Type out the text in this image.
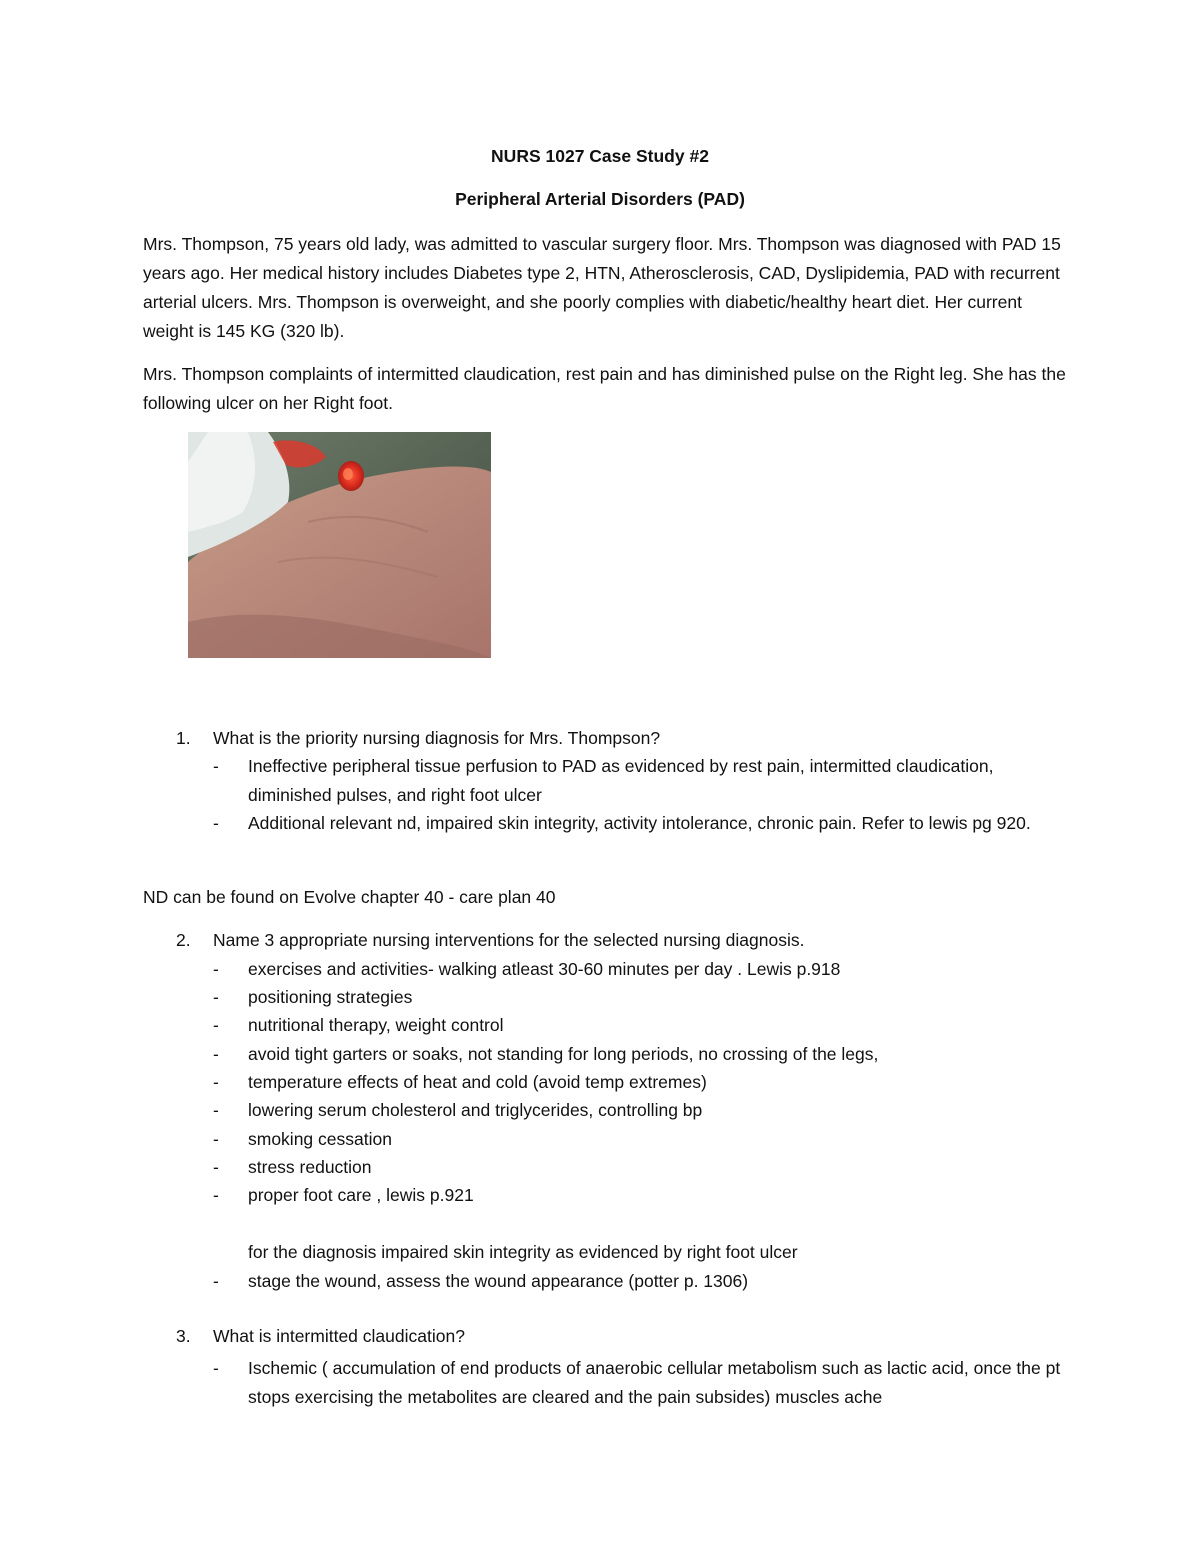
NURS 1027 Case Study #2

Peripheral Arterial Disorders (PAD)

Mrs. Thompson, 75 years old lady, was admitted to vascular surgery floor. Mrs. Thompson was diagnosed with PAD 15 years ago. Her medical history includes Diabetes type 2, HTN, Atherosclerosis, CAD, Dyslipidemia, PAD with recurrent arterial ulcers. Mrs. Thompson is overweight, and she poorly complies with diabetic/healthy heart diet. Her current weight is 145 KG (320 lb).

Mrs. Thompson complaints of intermitted claudication, rest pain and has diminished pulse on the Right leg. She has the following ulcer on her Right foot.

1.	What is the priority nursing diagnosis for Mrs. Thompson?

-	Ineffective peripheral tissue perfusion to PAD as evidenced by rest pain, intermitted claudication, diminished pulses, and right foot ulcer

-	Additional relevant nd, impaired skin integrity, activity intolerance, chronic pain. Refer to lewis pg 920.

ND can be found on Evolve chapter 40 - care plan 40

2.	Name 3 appropriate nursing interventions for the selected nursing diagnosis.

-	exercises and activities- walking atleast 30-60 minutes per day . Lewis p.918

-	positioning strategies

-	nutritional therapy, weight control

-	avoid tight garters or soaks, not standing for long periods, no crossing of the legs,

-	temperature effects of heat and cold (avoid temp extremes)

-	lowering serum cholesterol and triglycerides, controlling bp

-	smoking cessation

-	stress reduction

-	proper foot care , lewis p.921

for the diagnosis impaired skin integrity as evidenced by right foot ulcer

-	stage the wound, assess the wound appearance (potter p. 1306)

3.	What is intermitted claudication?

-	Ischemic ( accumulation of end products of anaerobic cellular metabolism such as lactic acid, once the pt stops exercising the metabolites are cleared and the pain subsides) muscles ache
